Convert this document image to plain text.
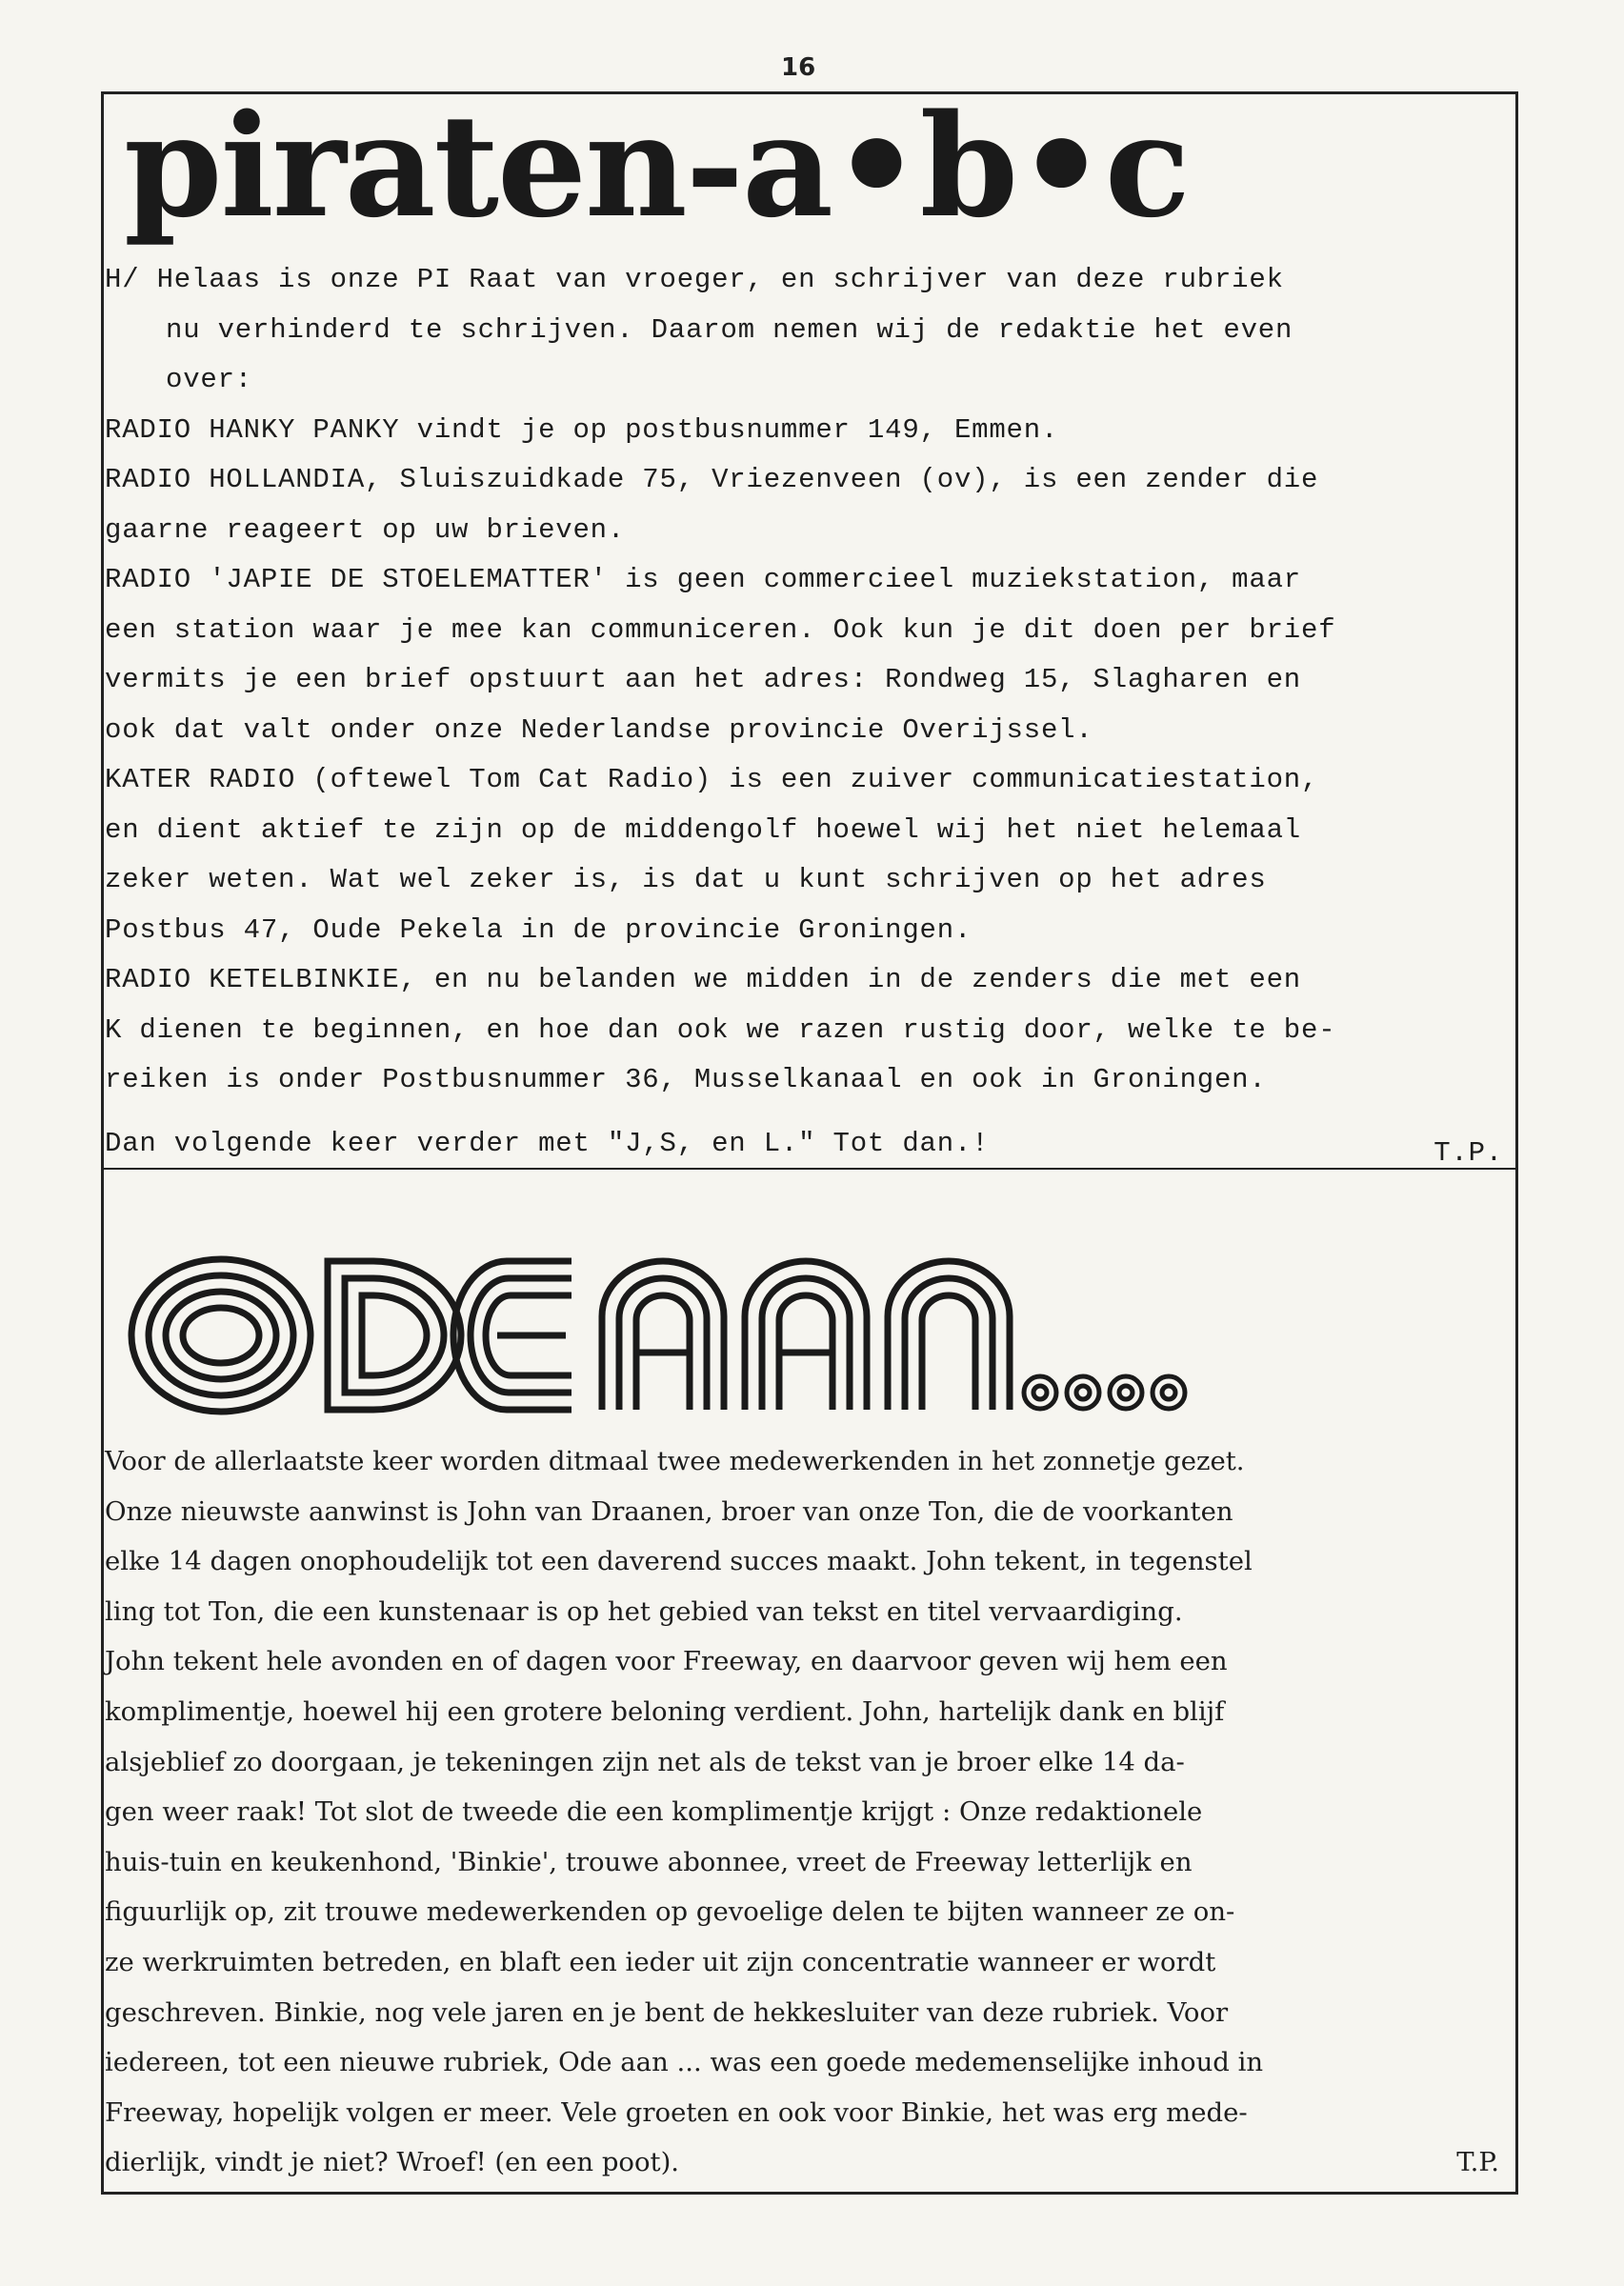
16
piraten-a•b•c

H/ Helaas is onze PI Raat van vroeger, en schrijver van deze rubriek

nu verhinderd te schrijven. Daarom nemen wij de redaktie het even

over:

RADIO HANKY PANKY vindt je op postbusnummer 149, Emmen.

RADIO HOLLANDIA, Sluiszuidkade 75, Vriezenveen (ov), is een zender die

gaarne reageert op uw brieven.

RADIO 'JAPIE DE STOELEMATTER' is geen commercieel muziekstation, maar

een station waar je mee kan communiceren. Ook kun je dit doen per brief

vermits je een brief opstuurt aan het adres: Rondweg 15, Slagharen en

ook dat valt onder onze Nederlandse provincie Overijssel.

KATER RADIO (oftewel Tom Cat Radio) is een zuiver communicatiestation,

en dient aktief te zijn op de middengolf hoewel wij het niet helemaal

zeker weten. Wat wel zeker is, is dat u kunt schrijven op het adres

Postbus 47, Oude Pekela in de provincie Groningen.

RADIO KETELBINKIE, en nu belanden we midden in de zenders die met een

K dienen te beginnen, en hoe dan ook we razen rustig door, welke te be-

reiken is onder Postbusnummer 36, Musselkanaal en ook in Groningen.

Dan volgende keer verder met "J,S, en L." Tot dan.!	T.P.

Voor de allerlaatste keer worden ditmaal twee medewerkenden in het zonnetje gezet.

Onze nieuwste aanwinst is John van Draanen, broer van onze Ton, die de voorkanten

elke 14 dagen onophoudelijk tot een daverend succes maakt. John tekent, in tegenstel

ling tot Ton, die een kunstenaar is op het gebied van tekst en titel vervaardiging.

John tekent hele avonden en of dagen voor Freeway, en daarvoor geven wij hem een

komplimentje, hoewel hij een grotere beloning verdient. John, hartelijk dank en blijf

alsjeblief zo doorgaan, je tekeningen zijn net als de tekst van je broer elke 14 da-

gen weer raak! Tot slot de tweede die een komplimentje krijgt : Onze redaktionele

huis-tuin en keukenhond, 'Binkie', trouwe abonnee, vreet de Freeway letterlijk en

figuurlijk op, zit trouwe medewerkenden op gevoelige delen te bijten wanneer ze on-

ze werkruimten betreden, en blaft een ieder uit zijn concentratie wanneer er wordt

geschreven. Binkie, nog vele jaren en je bent de hekkesluiter van deze rubriek. Voor

iedereen, tot een nieuwe rubriek, Ode aan ... was een goede medemenselijke inhoud in

Freeway, hopelijk volgen er meer. Vele groeten en ook voor Binkie, het was erg mede-

dierlijk, vindt je niet? Wroef! (en een poot).	T.P.
